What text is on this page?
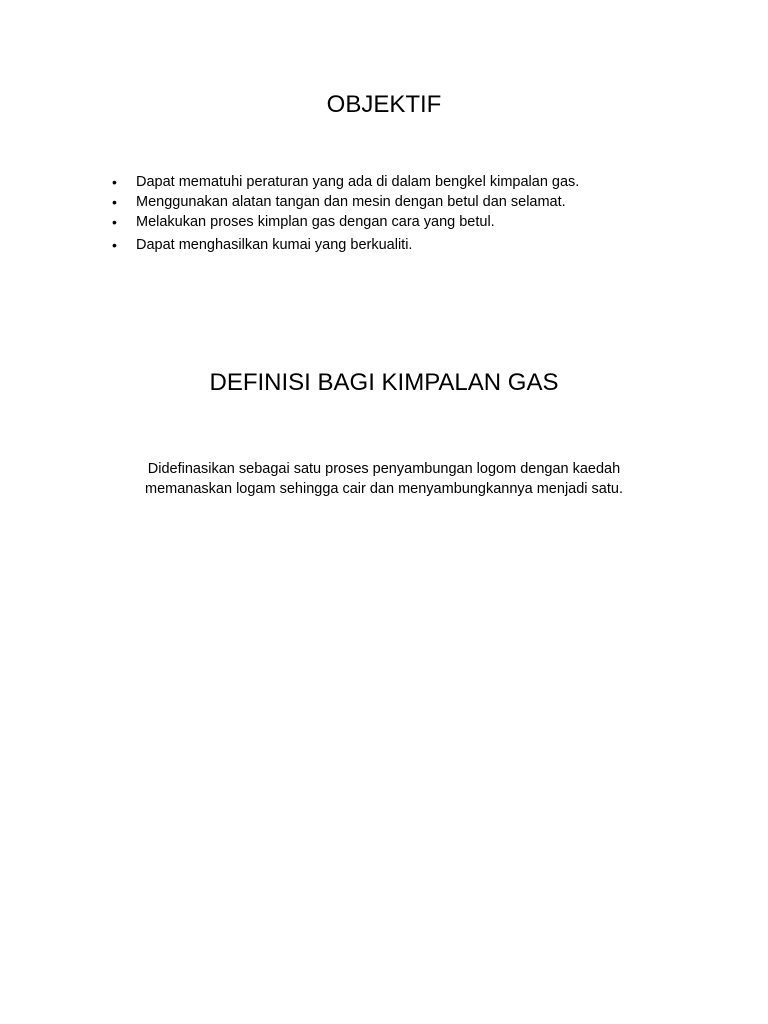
OBJEKTIF
• Dapat mematuhi peraturan yang ada di dalam bengkel kimpalan gas.
• Menggunakan alatan tangan dan mesin dengan betul dan selamat.
• Melakukan proses kimplan gas dengan cara yang betul.
• Dapat menghasilkan kumai yang berkualiti.
DEFINISI BAGI KIMPALAN GAS

Didefinasikan sebagai satu proses penyambungan logom dengan kaedah
memanaskan logam sehingga cair dan menyambungkannya menjadi satu.
